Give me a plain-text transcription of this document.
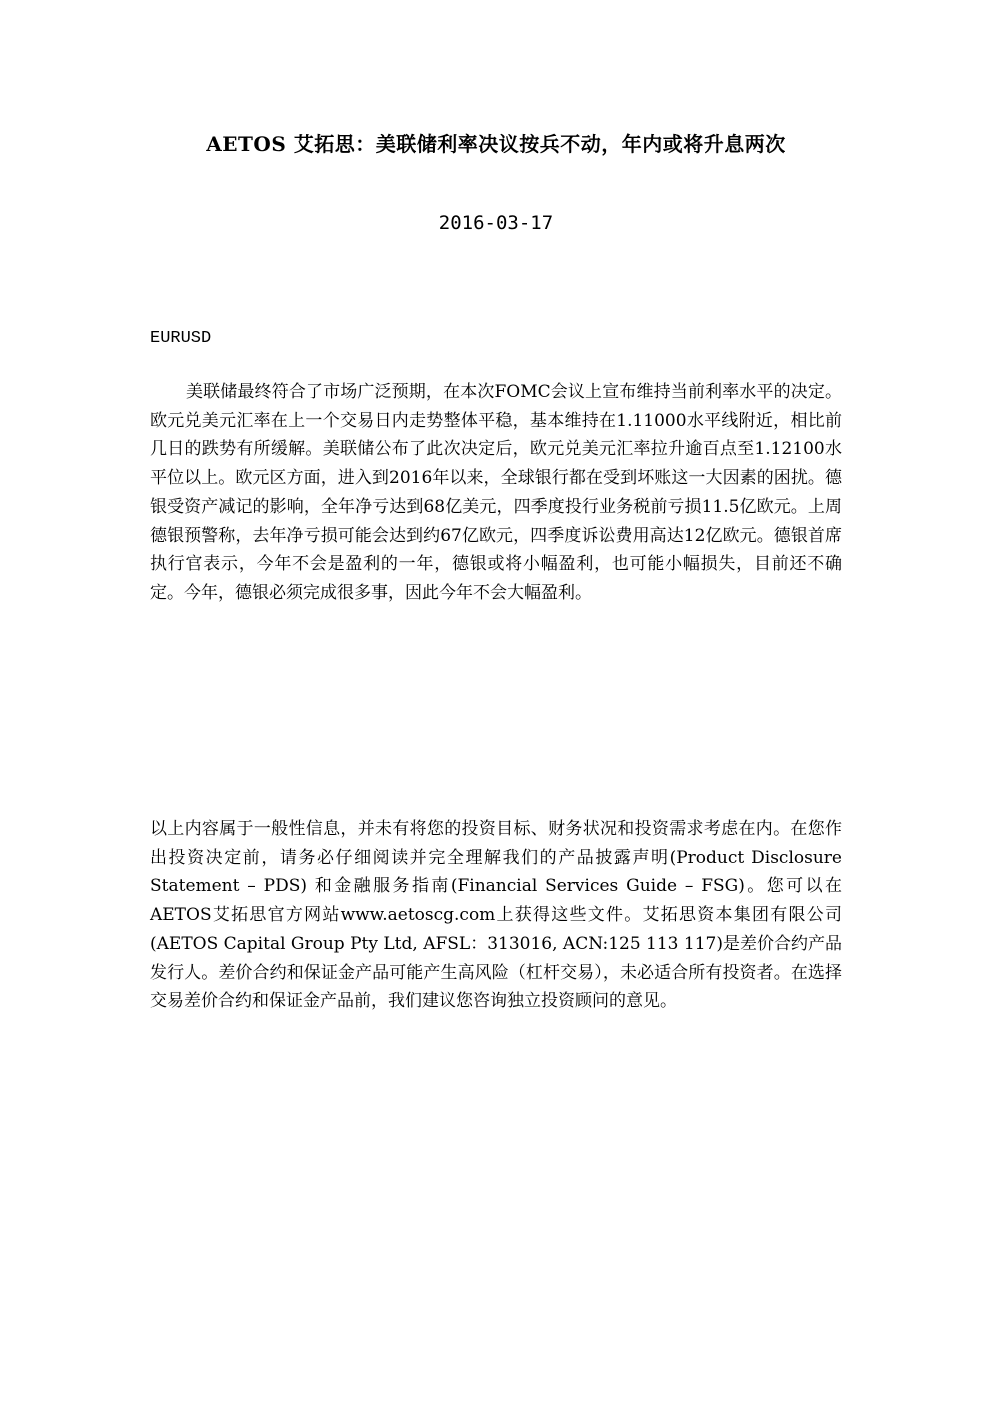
AETOS 艾拓思：美联储利率决议按兵不动，年内或将升息两次
2016-03-17
EURUSD

美联储最终符合了市场广泛预期，在本次FOMC会议上宣布维持当前利率水平的决定。欧元兑美元汇率在上一个交易日内走势整体平稳，基本维持在1.11000水平线附近，相比前几日的跌势有所缓解。美联储公布了此次决定后，欧元兑美元汇率拉升逾百点至1.12100水平位以上。欧元区方面，进入到2016年以来，全球银行都在受到坏账这一大因素的困扰。德银受资产减记的影响，全年净亏达到68亿美元，四季度投行业务税前亏损11.5亿欧元。上周德银预警称，去年净亏损可能会达到约67亿欧元，四季度诉讼费用高达12亿欧元。德银首席执行官表示，今年不会是盈利的一年，德银或将小幅盈利，也可能小幅损失，目前还不确定。今年，德银必须完成很多事，因此今年不会大幅盈利。

以上内容属于一般性信息，并未有将您的投资目标、财务状况和投资需求考虑在内。在您作出投资决定前，请务必仔细阅读并完全理解我们的产品披露声明(Product Disclosure Statement – PDS) 和金融服务指南(Financial Services Guide – FSG)。您可以在AETOS艾拓思官方网站www.aetoscg.com上获得这些文件。艾拓思资本集团有限公司(AETOS Capital Group Pty Ltd, AFSL：313016, ACN:125 113 117)是差价合约产品发行人。差价合约和保证金产品可能产生高风险（杠杆交易），未必适合所有投资者。在选择交易差价合约和保证金产品前，我们建议您咨询独立投资顾问的意见。
